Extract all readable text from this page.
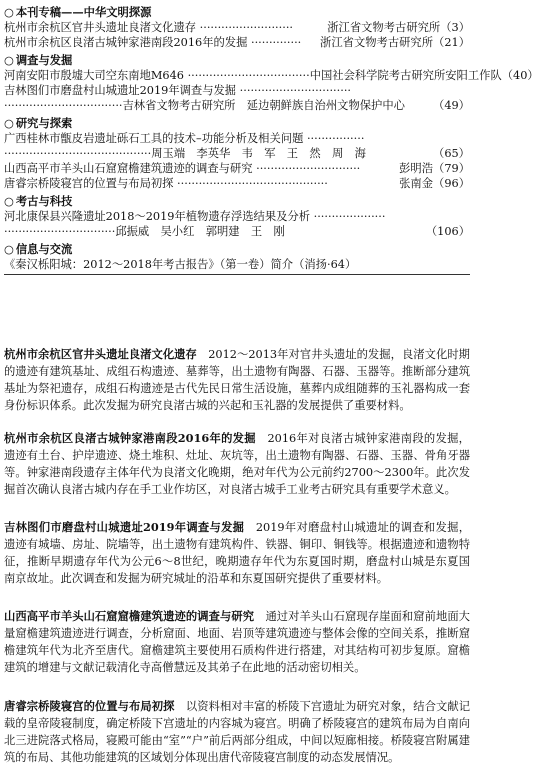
○ 本刊专稿——中华文明探源
杭州市余杭区官井头遗址良渚文化遗存 ··························	浙江省文物考古研究所（3）
杭州市余杭区良渚古城钟家港南段2016年的发掘 ··············	浙江省文物考古研究所（21）
○ 调查与发掘
河南安阳市殷墟大司空东南地M646 ·································· 中国社会科学院考古研究所安阳工作队（40）
吉林图们市磨盘村山城遗址2019年调查与发掘 ·······························
·································吉林省文物考古研究所　延边朝鲜族自治州文物保护中心	（49）
○ 研究与探索
广西桂林市甑皮岩遗址砾石工具的技术–功能分析及相关问题 ················
·········································周玉端　李英华　韦　军　王　然　周　海	（65）
山西高平市羊头山石窟窟檐建筑遗迹的调查与研究 ·····························	彭明浩（79）
唐睿宗桥陵寝宫的位置与布局初探 ··········································	张南金（96）
○ 考古与科技
河北康保县兴隆遗址2018～2019年植物遗存浮选结果及分析 ····················
·······························邱振威　吴小红　郭明建　王　刚	（106）
○ 信息与交流
《秦汉栎阳城：2012～2018年考古报告》（第一卷）简介（消扬·64）

杭州市余杭区官井头遗址良渚文化遗存　2012～2013年对官井头遗址的发掘，良渚文化时期的遗迹有建筑基址、成组石构遗迹、墓葬等，出土遗物有陶器、石器、玉器等。推断部分建筑基址为祭祀遗存，成组石构遗迹是古代先民日常生活设施，墓葬内成组随葬的玉礼器构成一套身份标识体系。此次发掘为研究良渚古城的兴起和玉礼器的发展提供了重要材料。

杭州市余杭区良渚古城钟家港南段2016年的发掘　2016年对良渚古城钟家港南段的发掘，遗迹有土台、护岸遗迹、烧土堆积、灶址、灰坑等，出土遗物有陶器、石器、玉器、骨角牙器等。钟家港南段遗存主体年代为良渚文化晚期，绝对年代为公元前约2700～2300年。此次发掘首次确认良渚古城内存在手工业作坊区，对良渚古城手工业考古研究具有重要学术意义。

吉林图们市磨盘村山城遗址2019年调查与发掘　2019年对磨盘村山城遗址的调查和发掘，遗迹有城墙、房址、院墙等，出土遗物有建筑构件、铁器、铜印、铜钱等。根据遗迹和遗物特征，推断早期遗存年代为公元6～8世纪，晚期遗存年代为东夏国时期，磨盘村山城是东夏国南京故址。此次调查和发掘为研究城址的沿革和东夏国研究提供了重要材料。

山西高平市羊头山石窟窟檐建筑遗迹的调查与研究　通过对羊头山石窟现存崖面和窟前地面大量窟檐建筑遗迹进行调查，分析窟面、地面、岩顶等建筑遗迹与整体会像的空间关系，推断窟檐建筑年代为北齐至唐代。窟檐建筑主要使用石质构件进行搭建，对其结构可初步复原。窟檐建筑的增建与文献记载清化寺高僧慧远及其弟子在此地的活动密切相关。

唐睿宗桥陵寝宫的位置与布局初探　以资料相对丰富的桥陵下宫遗址为研究对象，结合文献记载的皇帝陵寝制度，确定桥陵下宫遗址的内容城为寝宫。明确了桥陵寝宫的建筑布局为自南向北三进院落式格局，寝殿可能由“室”“户”前后两部分组成，中间以短廊相接。桥陵寝宫附属建筑的布局、其他功能建筑的区域划分体现出唐代帝陵寝宫制度的动态发展情况。
